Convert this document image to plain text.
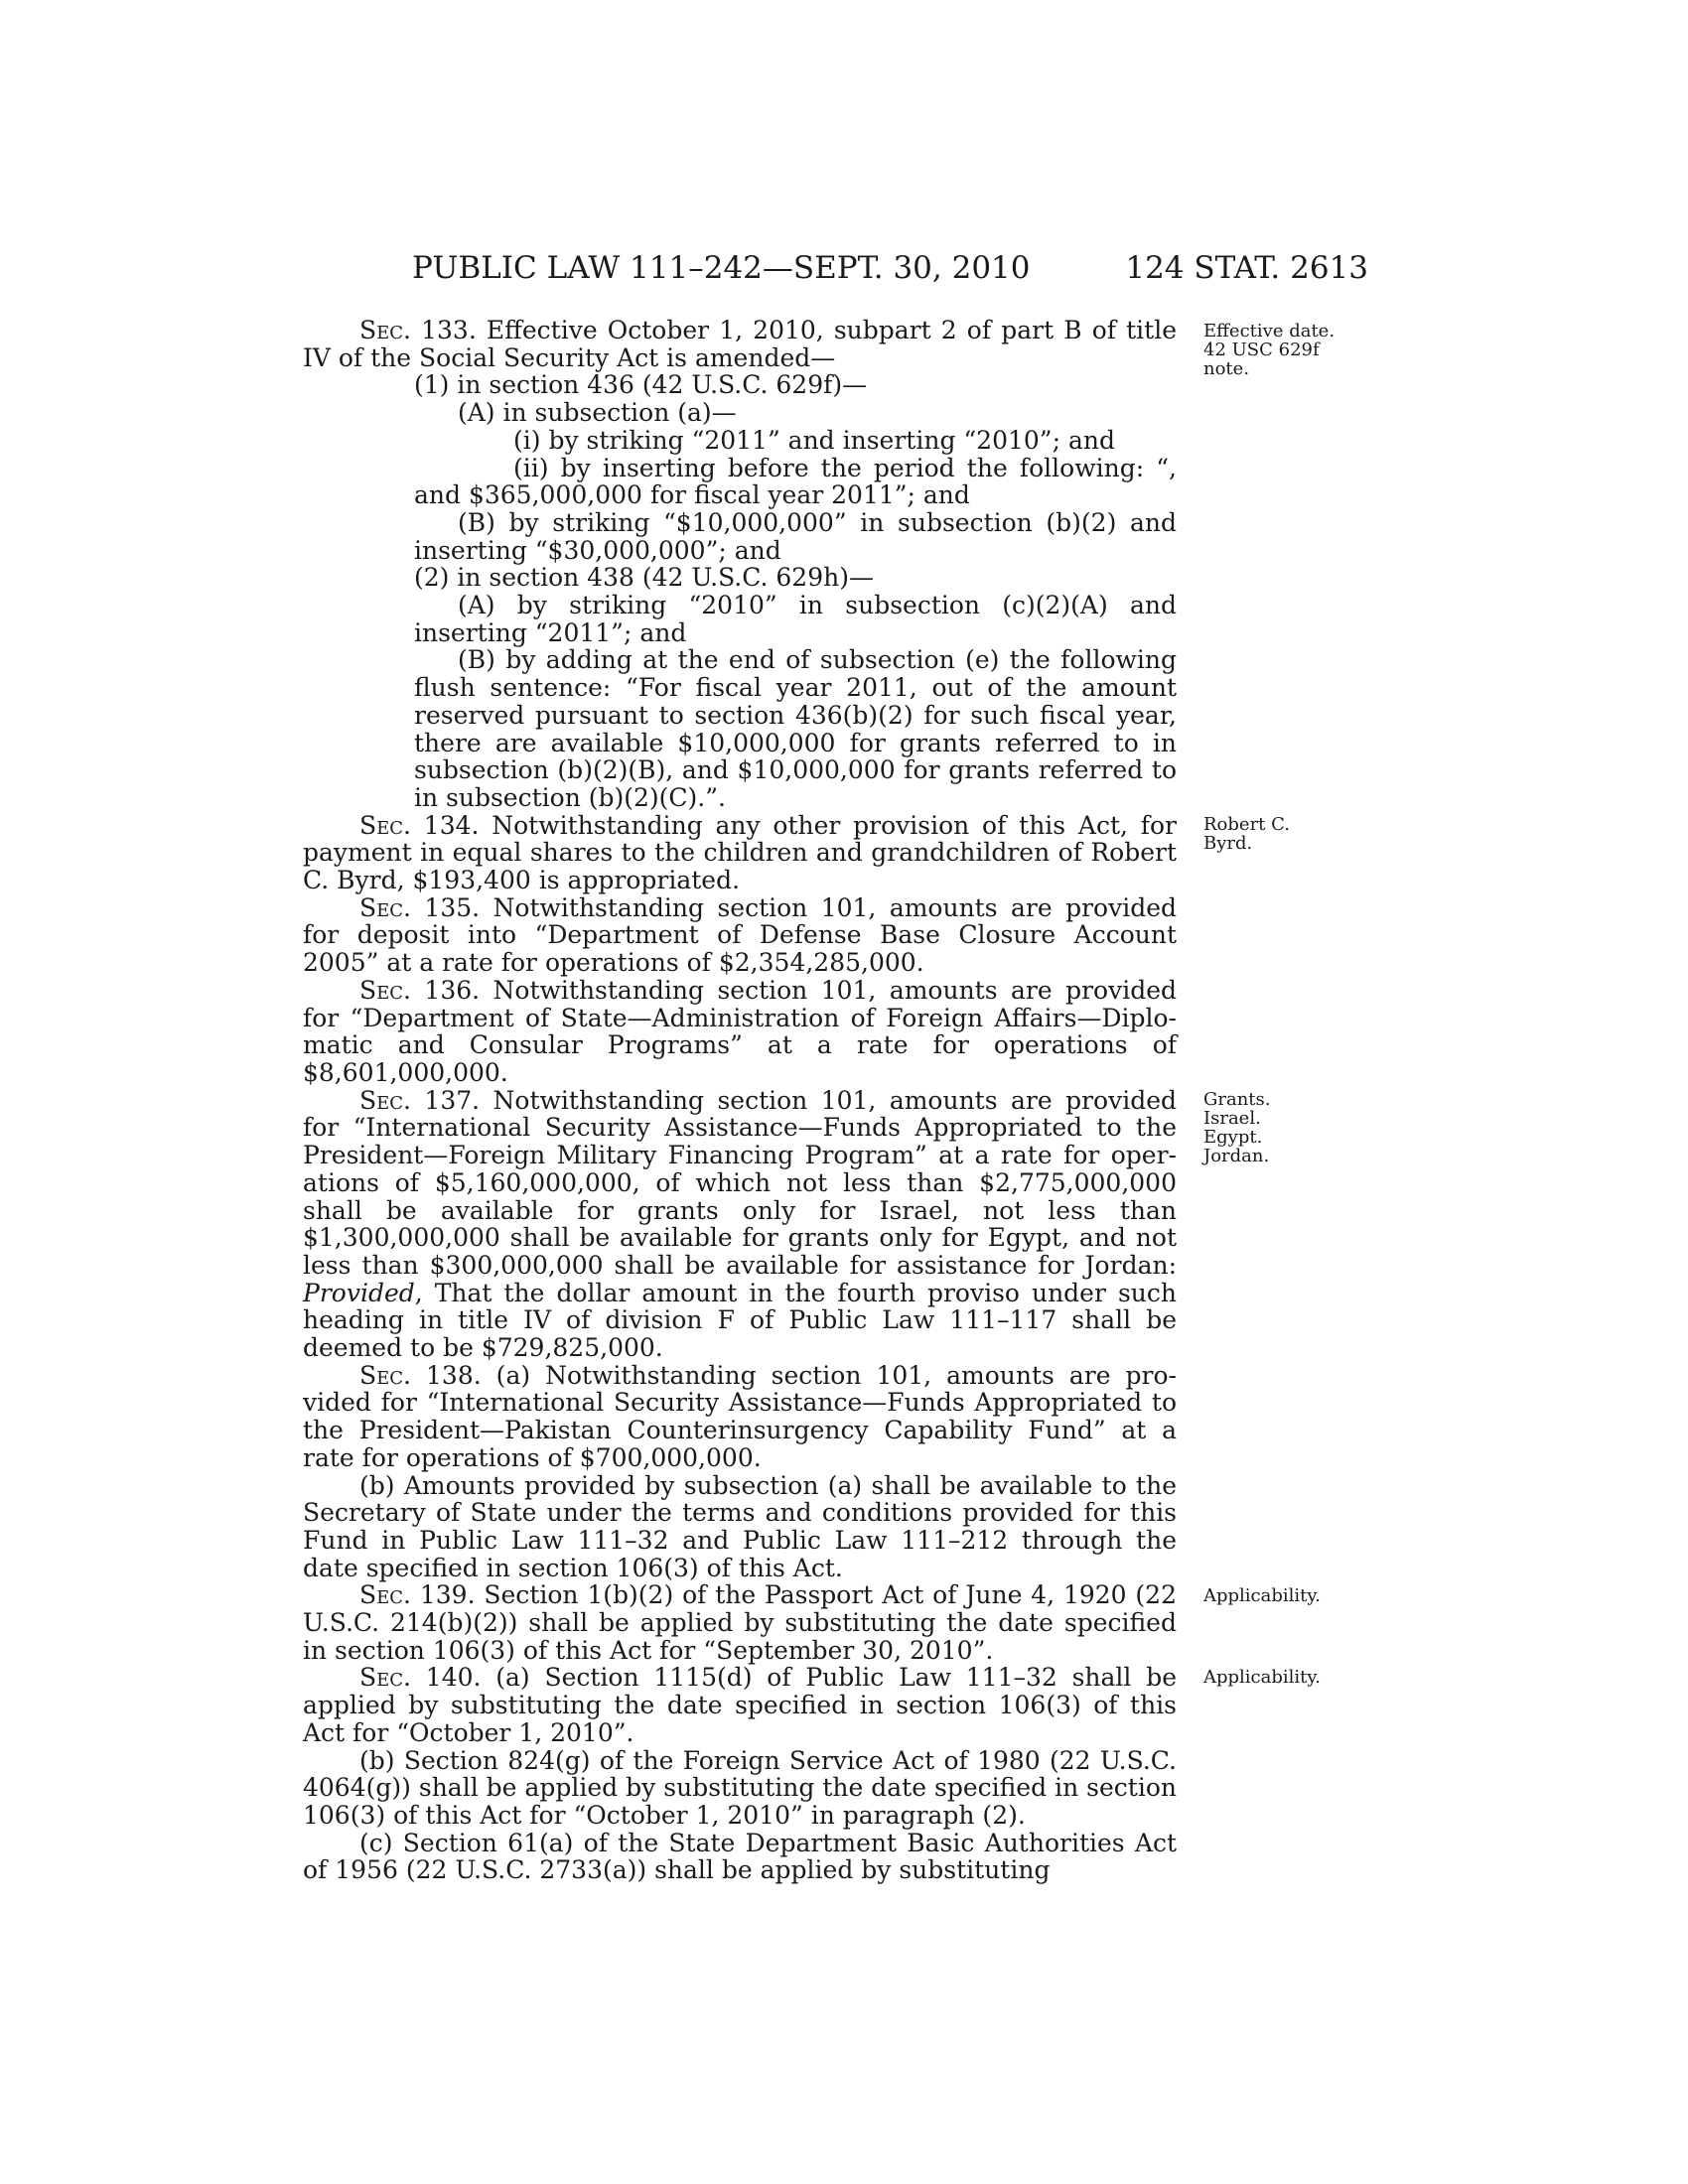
PUBLIC LAW 111–242—SEPT. 30, 2010	124 STAT. 2613

Sec. 133. Effective October 1, 2010, subpart 2 of part B of title IV of the Social Security Act is amended—

(1) in section 436 (42 U.S.C. 629f)—

(A) in subsection (a)—

(i) by striking “2011” and inserting “2010”; and

(ii) by inserting before the period the following: “, and $365,000,000 for fiscal year 2011”; and

(B) by striking “$10,000,000” in subsection (b)(2) and inserting “$30,000,000”; and

(2) in section 438 (42 U.S.C. 629h)—

(A) by striking “2010” in subsection (c)(2)(A) and inserting “2011”; and

(B) by adding at the end of subsection (e) the following flush sentence: “For fiscal year 2011, out of the amount reserved pursuant to section 436(b)(2) for such fiscal year, there are available $10,000,000 for grants referred to in subsection (b)(2)(B), and $10,000,000 for grants referred to in subsection (b)(2)(C).”.

Sec. 134. Notwithstanding any other provision of this Act, for payment in equal shares to the children and grandchildren of Robert C. Byrd, $193,400 is appropriated.

Sec. 135. Notwithstanding section 101, amounts are provided for deposit into “Department of Defense Base Closure Account 2005” at a rate for operations of $2,354,285,000.

Sec. 136. Notwithstanding section 101, amounts are provided for “Department of State—Administration of Foreign Affairs—Diplo-matic and Consular Programs” at a rate for operations of $8,601,000,000.

Sec. 137. Notwithstanding section 101, amounts are provided for “International Security Assistance—Funds Appropriated to the President—Foreign Military Financing Program” at a rate for oper-ations of $5,160,000,000, of which not less than $2,775,000,000 shall be available for grants only for Israel, not less than $1,300,000,000 shall be available for grants only for Egypt, and not less than $300,000,000 shall be available for assistance for Jordan: Provided, That the dollar amount in the fourth proviso under such heading in title IV of division F of Public Law 111–117 shall be deemed to be $729,825,000.

Sec. 138. (a) Notwithstanding section 101, amounts are pro-vided for “International Security Assistance—Funds Appropriated to the President—Pakistan Counterinsurgency Capability Fund” at a rate for operations of $700,000,000.

(b) Amounts provided by subsection (a) shall be available to the Secretary of State under the terms and conditions provided for this Fund in Public Law 111–32 and Public Law 111–212 through the date specified in section 106(3) of this Act.

Sec. 139. Section 1(b)(2) of the Passport Act of June 4, 1920 (22 U.S.C. 214(b)(2)) shall be applied by substituting the date specified in section 106(3) of this Act for “September 30, 2010”.

Sec. 140. (a) Section 1115(d) of Public Law 111–32 shall be applied by substituting the date specified in section 106(3) of this Act for “October 1, 2010”.

(b) Section 824(g) of the Foreign Service Act of 1980 (22 U.S.C. 4064(g)) shall be applied by substituting the date specified in section 106(3) of this Act for “October 1, 2010” in paragraph (2).

(c) Section 61(a) of the State Department Basic Authorities Act of 1956 (22 U.S.C. 2733(a)) shall be applied by substituting

Effective date.
42 USC 629f
note.
Robert C. Byrd.
Grants.
Israel.
Egypt.
Jordan.
Applicability.
Applicability.
